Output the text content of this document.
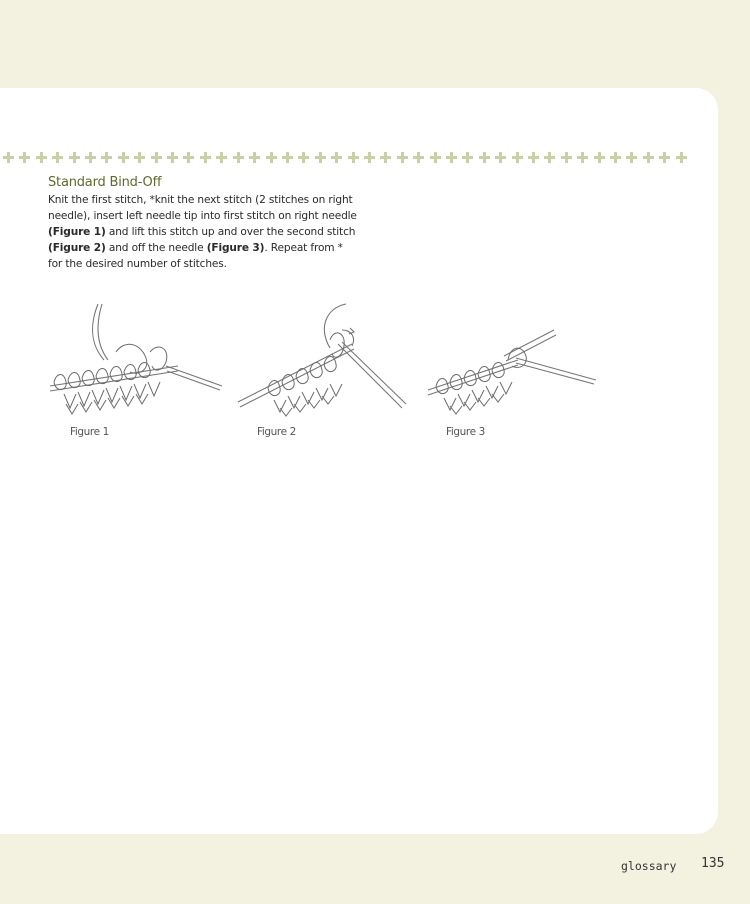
Standard Bind-Off

Knit the first stitch, *knit the next stitch (2 stitches on right needle), insert left needle tip into first stitch on right needle (Figure 1) and lift this stitch up and over the second stitch (Figure 2) and off the needle (Figure 3). Repeat from * for the desired number of stitches.

Figure 1	Figure 2	Figure 3
glossary 135
